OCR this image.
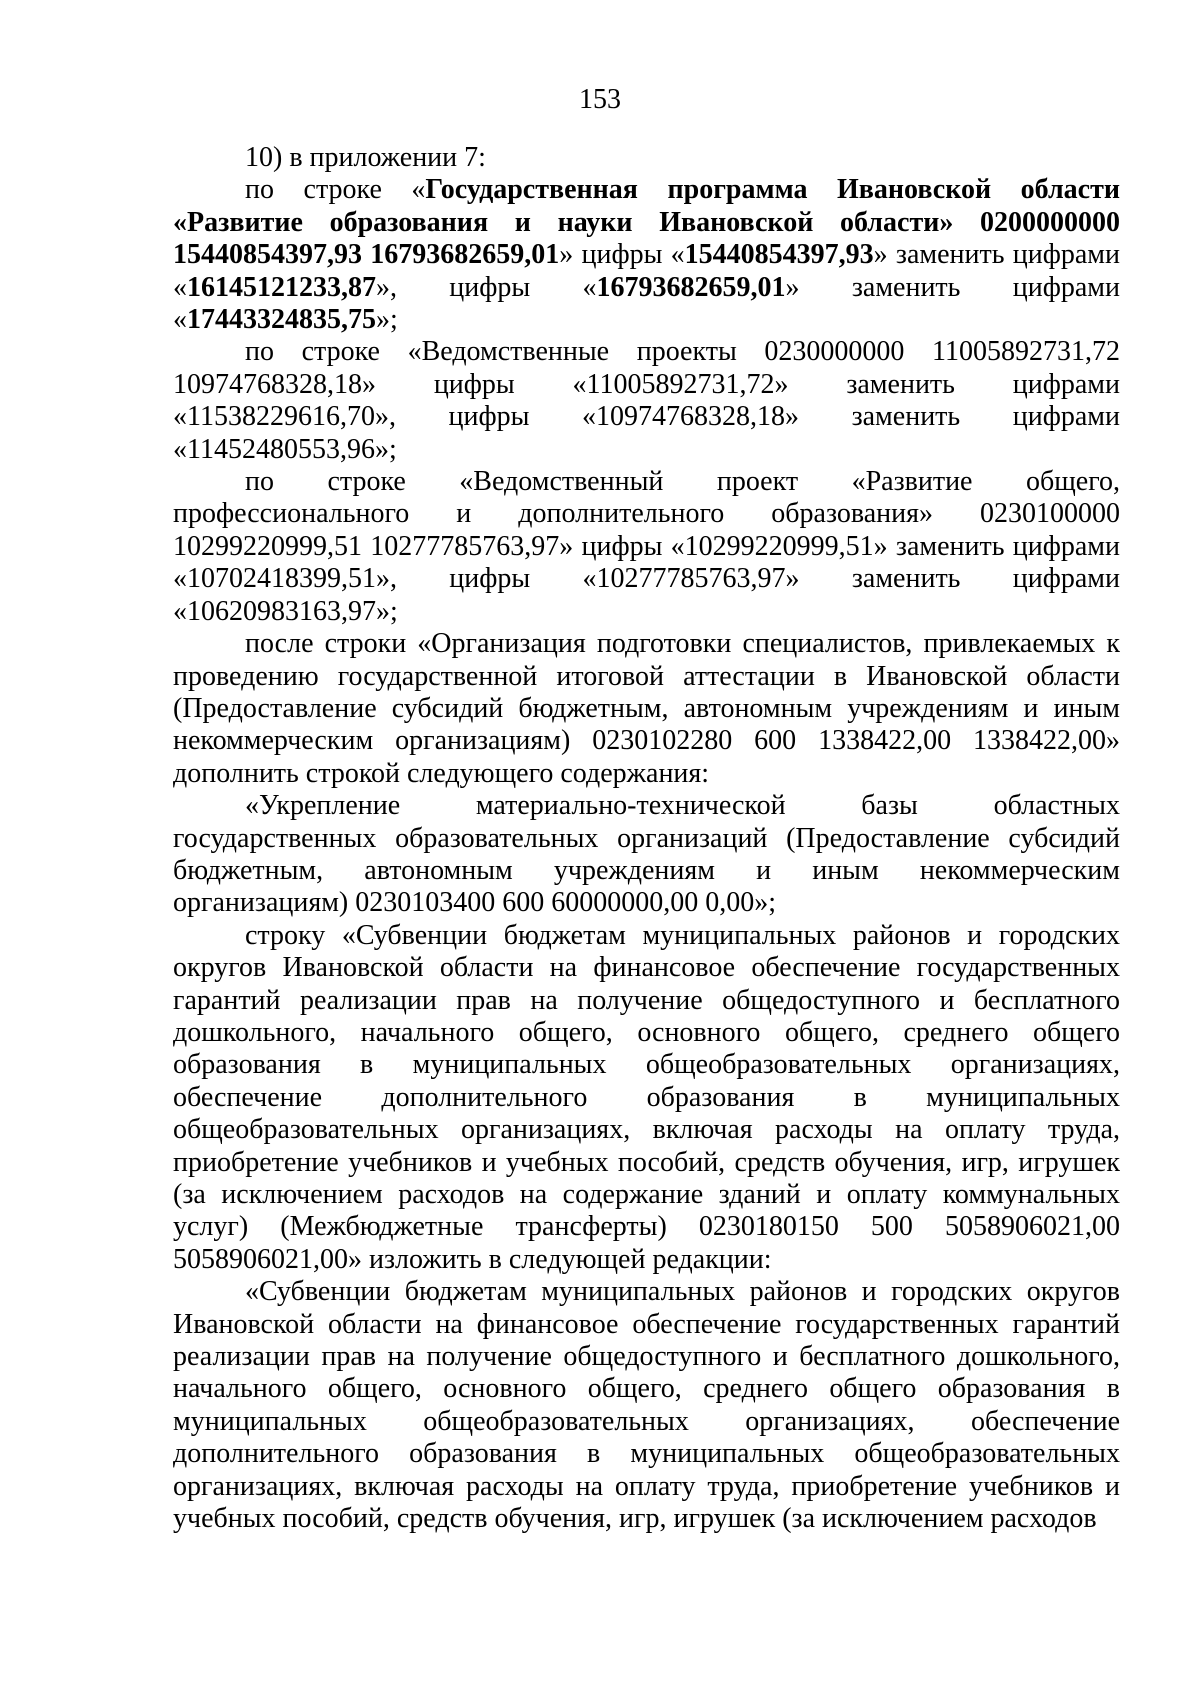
153

10) в приложении 7:

по строке «Государственная программа Ивановской области «Развитие образования и науки Ивановской области» 0200000000 15440854397,93 16793682659,01» цифры «15440854397,93» заменить цифрами «16145121233,87», цифры «16793682659,01» заменить цифрами «17443324835,75»;

по строке «Ведомственные проекты 0230000000 11005892731,72 10974768328,18» цифры «11005892731,72» заменить цифрами «11538229616,70», цифры «10974768328,18» заменить цифрами «11452480553,96»;

по строке «Ведомственный проект «Развитие общего, профессионального и дополнительного образования» 0230100000 10299220999,51 10277785763,97» цифры «10299220999,51» заменить цифрами «10702418399,51», цифры «10277785763,97» заменить цифрами «10620983163,97»;

после строки «Организация подготовки специалистов, привлекаемых к проведению государственной итоговой аттестации в Ивановской области (Предоставление субсидий бюджетным, автономным учреждениям и иным некоммерческим организациям) 0230102280 600 1338422,00 1338422,00» дополнить строкой следующего содержания:

«Укрепление материально-технической базы областных государственных образовательных организаций (Предоставление субсидий бюджетным, автономным учреждениям и иным некоммерческим организациям) 0230103400 600 60000000,00 0,00»;

строку «Субвенции бюджетам муниципальных районов и городских округов Ивановской области на финансовое обеспечение государственных гарантий реализации прав на получение общедоступного и бесплатного дошкольного, начального общего, основного общего, среднего общего образования в муниципальных общеобразовательных организациях, обеспечение дополнительного образования в муниципальных общеобразовательных организациях, включая расходы на оплату труда, приобретение учебников и учебных пособий, средств обучения, игр, игрушек (за исключением расходов на содержание зданий и оплату коммунальных услуг) (Межбюджетные трансферты) 0230180150 500 5058906021,00 5058906021,00» изложить в следующей редакции:

«Субвенции бюджетам муниципальных районов и городских округов Ивановской области на финансовое обеспечение государственных гарантий реализации прав на получение общедоступного и бесплатного дошкольного, начального общего, основного общего, среднего общего образования в муниципальных общеобразовательных организациях, обеспечение дополнительного образования в муниципальных общеобразовательных организациях, включая расходы на оплату труда, приобретение учебников и учебных пособий, средств обучения, игр, игрушек (за исключением расходов
